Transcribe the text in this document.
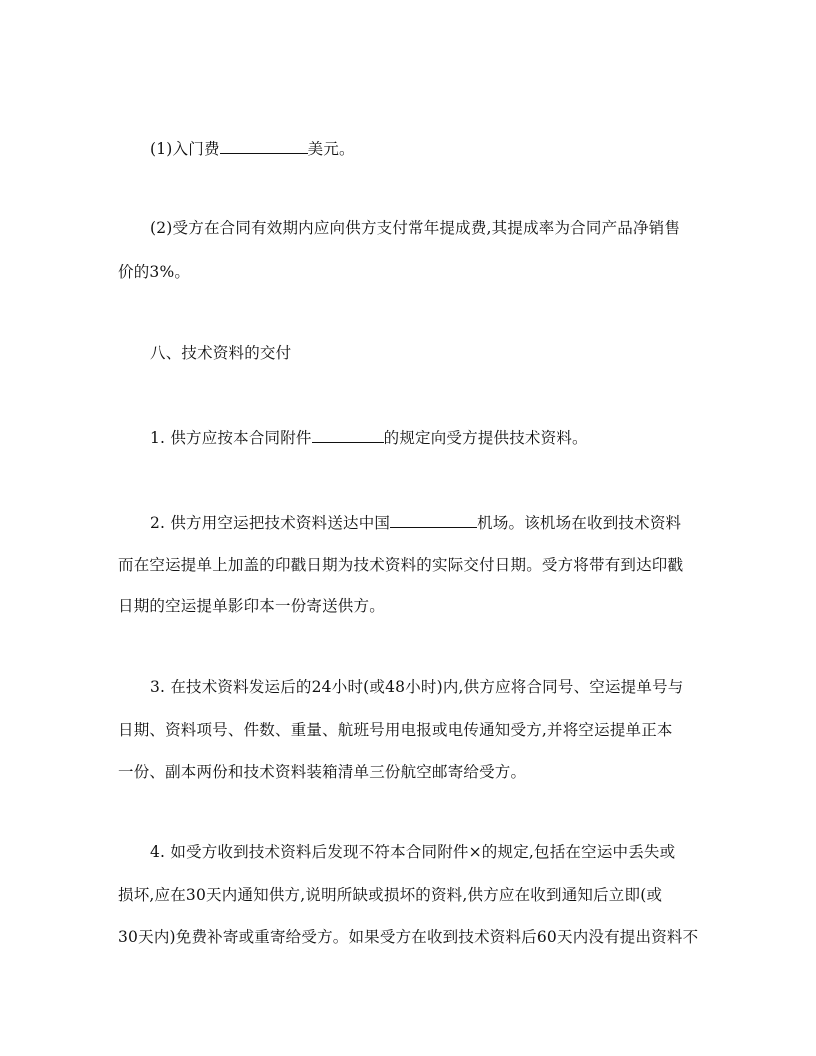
(1)入门费	美元。
(2)受方在合同有效期内应向供方支付常年提成费,其提成率为合同产品净销售
价的3%。
八、技术资料的交付
1. 供方应按本合同附件	的规定向受方提供技术资料。
2. 供方用空运把技术资料送达中国	机场。该机场在收到技术资料
而在空运提单上加盖的印戳日期为技术资料的实际交付日期。受方将带有到达印戳
日期的空运提单影印本一份寄送供方。
3. 在技术资料发运后的24小时(或48小时)内,供方应将合同号、空运提单号与
日期、资料项号、件数、重量、航班号用电报或电传通知受方,并将空运提单正本
一份、副本两份和技术资料装箱清单三份航空邮寄给受方。
4. 如受方收到技术资料后发现不符本合同附件×的规定,包括在空运中丢失或
损坏,应在30天内通知供方,说明所缺或损坏的资料,供方应在收到通知后立即(或
30天内)免费补寄或重寄给受方。如果受方在收到技术资料后60天内没有提出资料不
